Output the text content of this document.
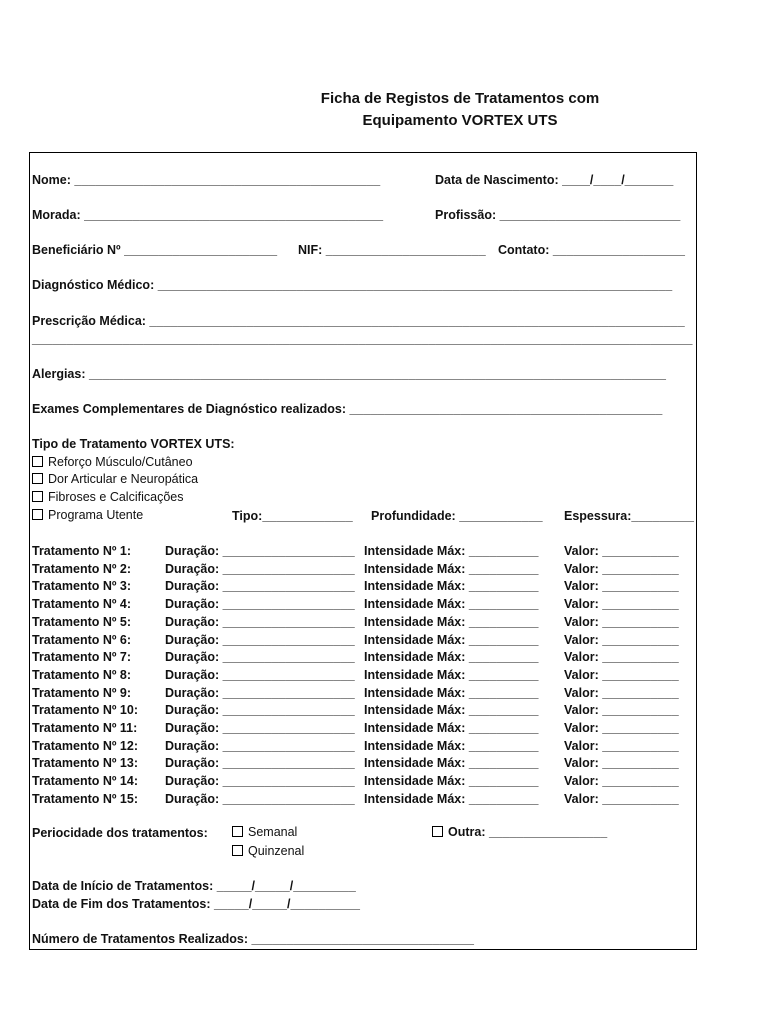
Ficha de Registos de Tratamentos com
Equipamento VORTEX UTS
Nome: ____________________________________________	Data de Nascimento: ____/____/_______
Morada: ___________________________________________	Profissão: __________________________
Beneficiário Nº ______________________ NIF: _______________________ Contato: ___________________
Diagnóstico Médico: __________________________________________________________________________
Prescrição Médica: _____________________________________________________________________________
_______________________________________________________________________________________________
Alergias: ___________________________________________________________________________________
Exames Complementares de Diagnóstico realizados: _____________________________________________
Tipo de Tratamento VORTEX UTS:
Reforço Músculo/Cutâneo
Dor Articular e Neuropática
Fibroses e Calcificações
Programa Utente	Tipo:_____________ Profundidade: ____________ Espessura:_________
Tratamento Nº 1:	Duração: ___________________ Intensidade Máx: __________ Valor: ___________
Tratamento Nº 2:	Duração: ___________________ Intensidade Máx: __________ Valor: ___________
Tratamento Nº 3:	Duração: ___________________ Intensidade Máx: __________ Valor: ___________
Tratamento Nº 4:	Duração: ___________________ Intensidade Máx: __________ Valor: ___________
Tratamento Nº 5:	Duração: ___________________ Intensidade Máx: __________ Valor: ___________
Tratamento Nº 6:	Duração: ___________________ Intensidade Máx: __________ Valor: ___________
Tratamento Nº 7:	Duração: ___________________ Intensidade Máx: __________ Valor: ___________
Tratamento Nº 8:	Duração: ___________________ Intensidade Máx: __________ Valor: ___________
Tratamento Nº 9:	Duração: ___________________ Intensidade Máx: __________ Valor: ___________
Tratamento Nº 10: Duração: ___________________ Intensidade Máx: __________ Valor: ___________
Tratamento Nº 11: Duração: ___________________ Intensidade Máx: __________ Valor: ___________
Tratamento Nº 12: Duração: ___________________ Intensidade Máx: __________ Valor: ___________
Tratamento Nº 13: Duração: ___________________ Intensidade Máx: __________ Valor: ___________
Tratamento Nº 14: Duração: ___________________ Intensidade Máx: __________ Valor: ___________
Tratamento Nº 15: Duração: ___________________ Intensidade Máx: __________ Valor: ___________
Periocidade dos tratamentos:	Semanal
Quinzenal
Outra: _________________
Data de Início de Tratamentos: _____/_____/_________
Data de Fim dos Tratamentos: _____/_____/__________
Número de Tratamentos Realizados: ________________________________
